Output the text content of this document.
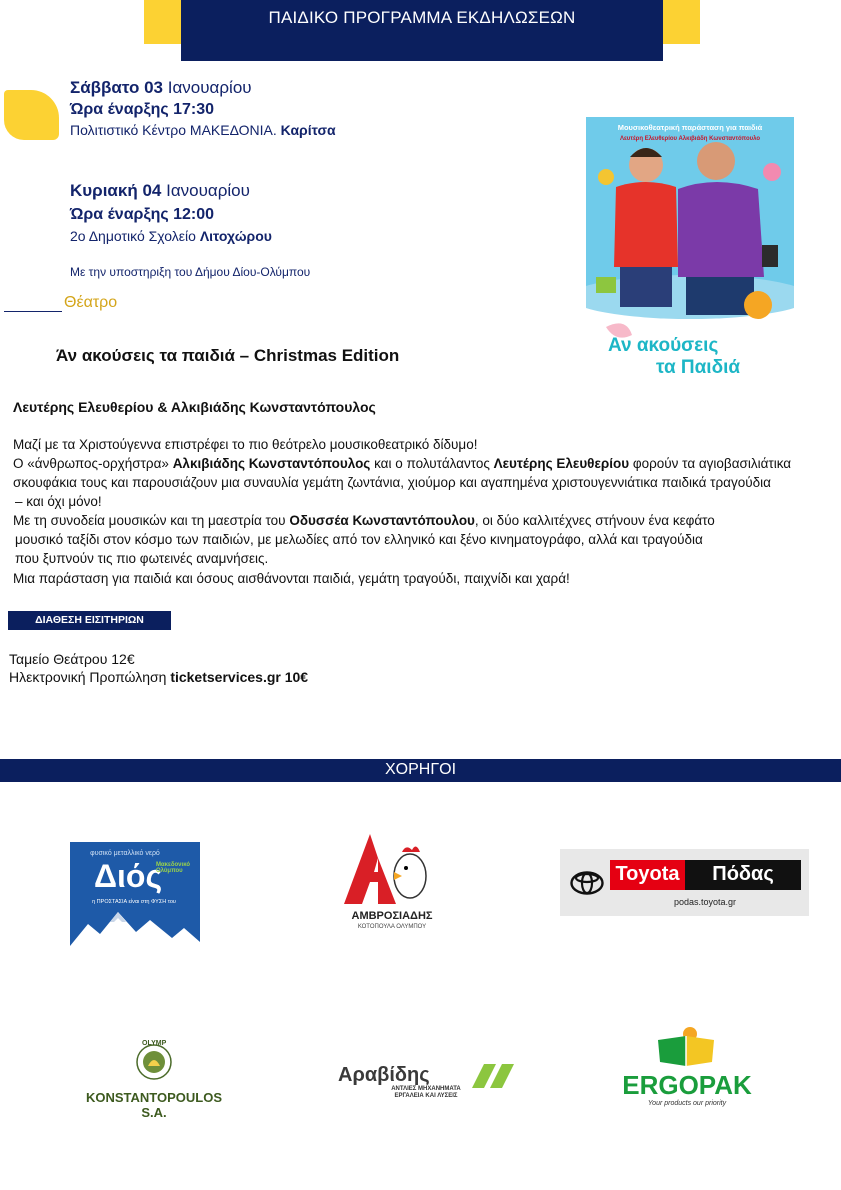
ΠΑΙΔΙΚΟ ΠΡΟΓΡΑΜΜΑ ΕΚΔΗΛΩΣΕΩΝ
Σάββατο 03 Ιανουαρίου
Ώρα έναρξης 17:30
Πολιτιστικό Κέντρο ΜΑΚΕΔΟΝΙΑ. Καρίτσα
Κυριακή 04 Ιανουαρίου
Ώρα έναρξης 12:00
2ο Δημοτικό Σχολείο Λιτοχώρου
Με την υποστηριξη του Δήμου Δίου-Ολύμπου
Θέατρο
Μουσικοθεατρική παράσταση για παιδιά
Λευτέρη Ελευθερίου Αλκιβιάδη Κωνσταντόπουλο
Αν ακούσεις
τα Παιδιά
Άν ακούσεις τα παιδιά – Christmas Edition
Λευτέρης Ελευθερίου & Αλκιβιάδης Κωνσταντόπουλος
Μαζί με τα Χριστούγεννα επιστρέφει το πιο θεότρελο μουσικοθεατρικό δίδυμο!
Ο «άνθρωπος-ορχήστρα» Αλκιβιάδης Κωνσταντόπουλος και ο πολυτάλαντος Λευτέρης Ελευθερίου φορούν τα αγιοβασιλιάτικα
σκουφάκια τους και παρουσιάζουν μια συναυλία γεμάτη ζωντάνια, χιούμορ και αγαπημένα χριστουγεννιάτικα παιδικά τραγούδια
– και όχι μόνο!
Με τη συνοδεία μουσικών και τη μαεστρία του Οδυσσέα Κωνσταντόπουλου, οι δύο καλλιτέχνες στήνουν ένα κεφάτο
μουσικό ταξίδι στον κόσμο των παιδιών, με μελωδίες από τον ελληνικό και ξένο κινηματογράφο, αλλά και τραγούδια
που ξυπνούν τις πιο φωτεινές αναμνήσεις.
Μια παράσταση για παιδιά και όσους αισθάνονται παιδιά, γεμάτη τραγούδι, παιχνίδι και χαρά!
ΔΙΑΘΕΣΗ ΕΙΣΙΤΗΡΙΩΝ
Ταμείο Θεάτρου 12€
Ηλεκτρονική Προπώληση ticketservices.gr 10€
ΧΟΡΗΓΟΙ
φυσικό μεταλλικό νερό
Διός
Μακεδονικό Ολύμπου
η ΠΡΟΣΤΑΣΙΑ είναι στη ΦΥΣΗ του
ΑΜΒΡΟΣΙΑΔΗΣ
ΚΟΤΟΠΟΥΛΑ ΟΛΥΜΠΟΥ
Toyota	Πόδας
podas.toyota.gr
OLYMP
KONSTANTOPOULOS S.A.
Αραβίδης
ΑΝΤΛΙΕΣ ΜΗΧΑΝΗΜΑΤΑ
ΕΡΓΑΛΕΙΑ ΚΑΙ ΛΥΣΕΙΣ	ERGOPAK
Your products our priority
